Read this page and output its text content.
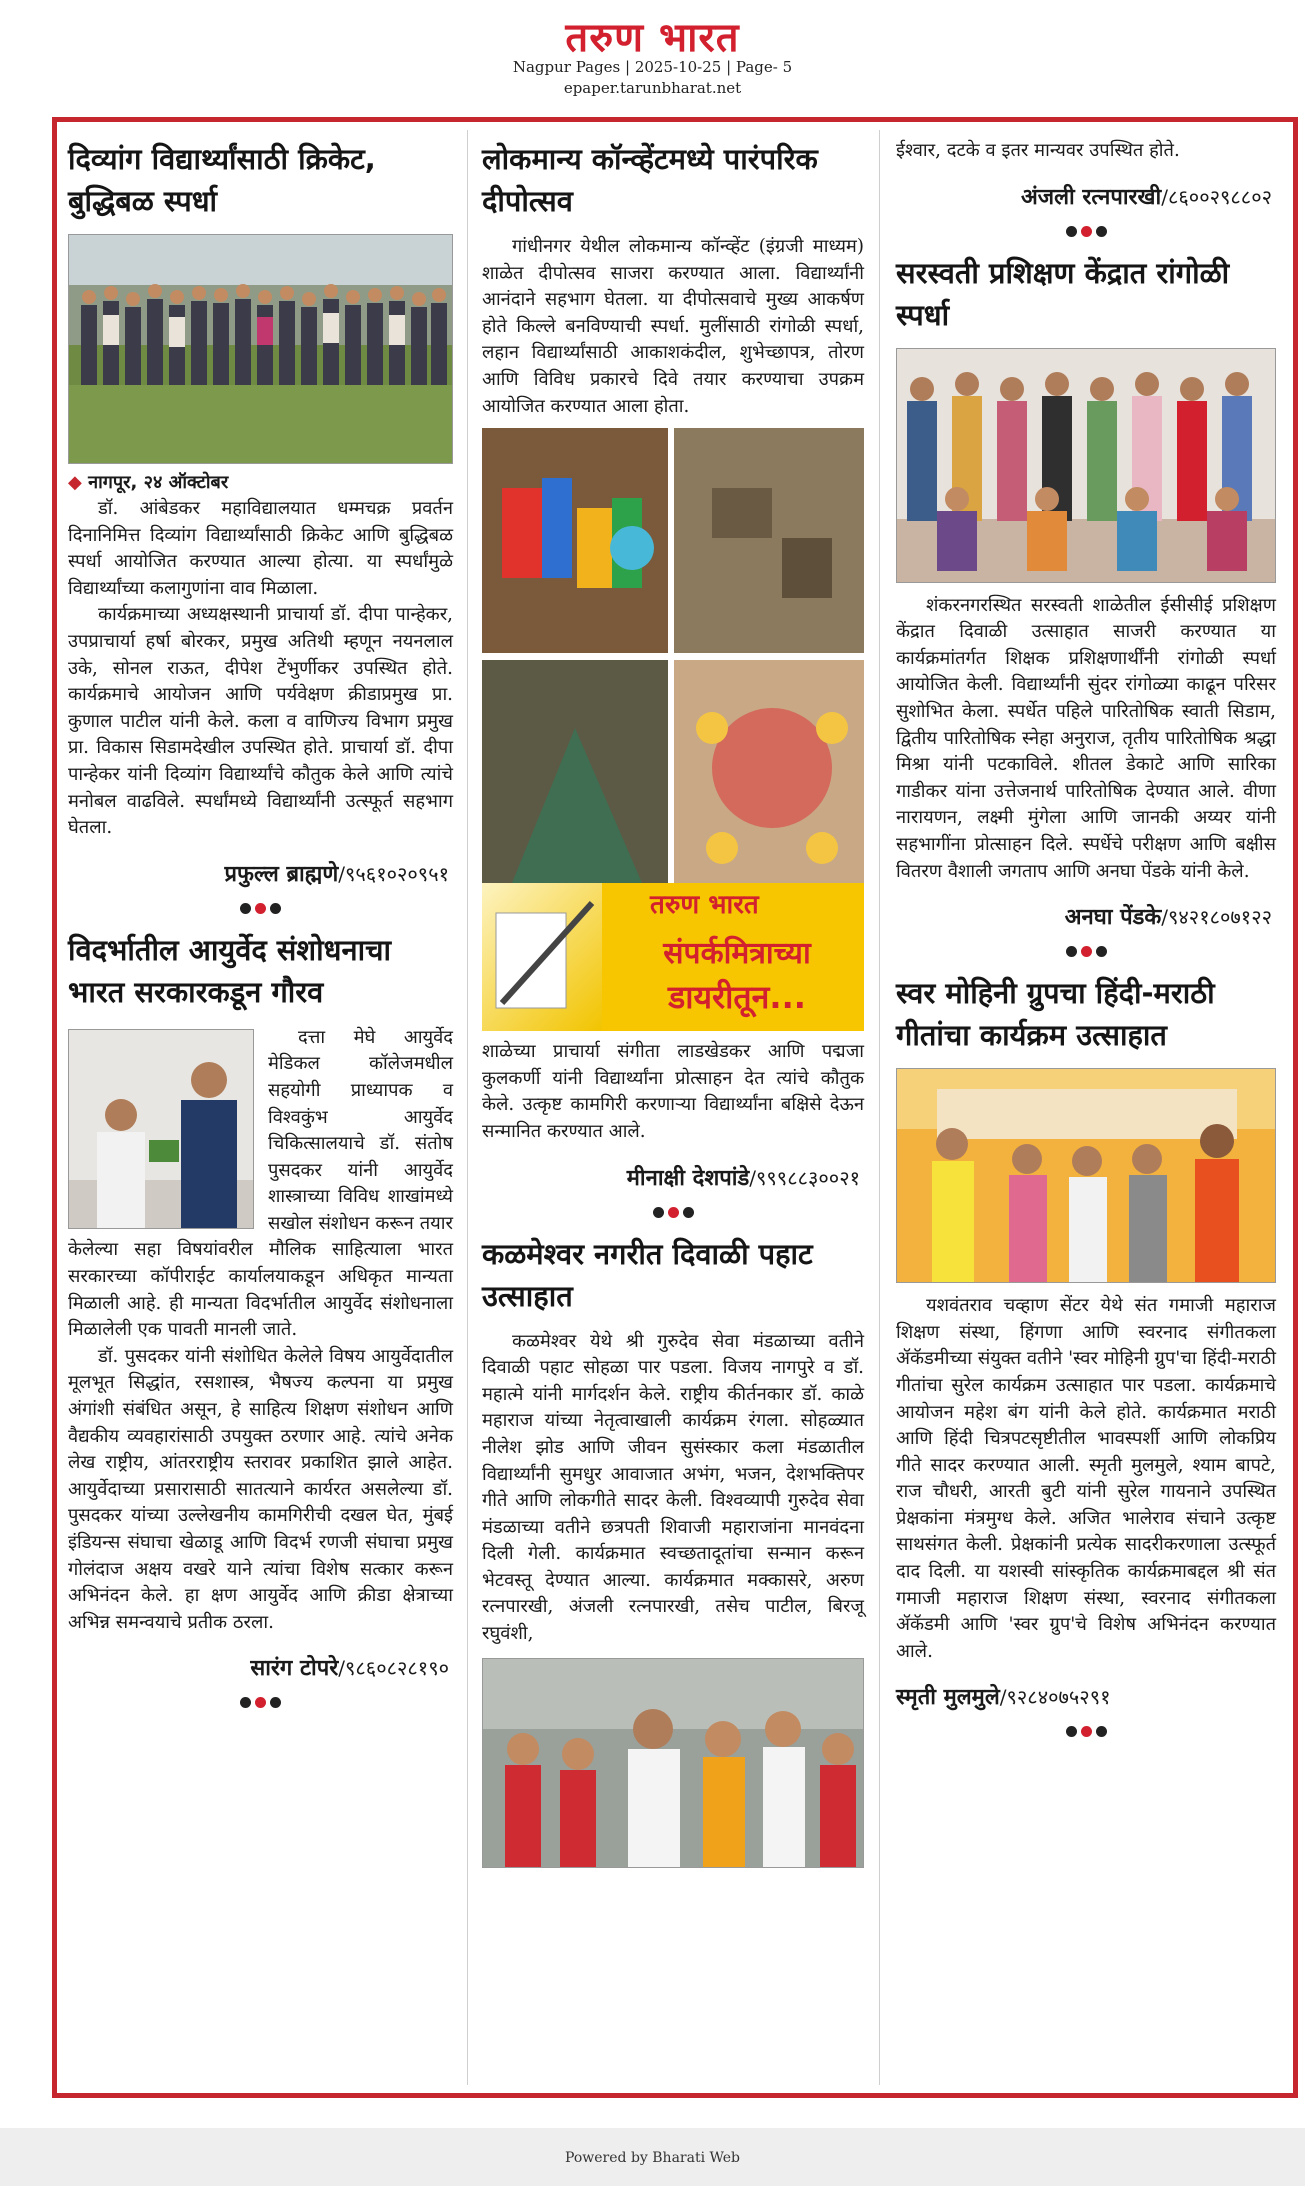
तरुण भारत
Nagpur Pages | 2025-10-25 | Page- 5
epaper.tarunbharat.net
दिव्यांग विद्यार्थ्यांसाठी क्रिकेट, बुद्धिबळ स्पर्धा
◆ नागपूर, २४ ऑक्टोबर

डॉ. आंबेडकर महाविद्यालयात धम्मचक्र प्रवर्तन दिनानिमित्त दिव्यांग विद्यार्थ्यांसाठी क्रिकेट आणि बुद्धिबळ स्पर्धा आयोजित करण्यात आल्या होत्या. या स्पर्धांमुळे विद्यार्थ्यांच्या कलागुणांना वाव मिळाला.

कार्यक्रमाच्या अध्यक्षस्थानी प्राचार्या डॉ. दीपा पान्हेकर, उपप्राचार्या हर्षा बोरकर, प्रमुख अतिथी म्हणून नयनलाल उके, सोनल राऊत, दीपेश टेंभुर्णीकर उपस्थित होते. कार्यक्रमाचे आयोजन आणि पर्यवेक्षण क्रीडाप्रमुख प्रा. कुणाल पाटील यांनी केले. कला व वाणिज्य विभाग प्रमुख प्रा. विकास सिडामदेखील उपस्थित होते. प्राचार्या डॉ. दीपा पान्हेकर यांनी दिव्यांग विद्यार्थ्यांचे कौतुक केले आणि त्यांचे मनोबल वाढविले. स्पर्धांमध्ये विद्यार्थ्यांनी उत्स्फूर्त सहभाग घेतला.

प्रफुल्ल ब्राह्मणे/९५६१०२०९५१
विदर्भातील आयुर्वेद संशोधनाचा भारत सरकारकडून गौरव

दत्ता मेघे आयुर्वेद मेडिकल कॉलेजमधील सहयोगी प्राध्यापक व विश्वकुंभ आयुर्वेद चिकित्सालयाचे डॉ. संतोष पुसदकर यांनी आयुर्वेद शास्त्राच्या विविध शाखांमध्ये सखोल संशोधन करून तयार केलेल्या सहा विषयांवरील मौलिक साहित्याला भारत सरकारच्या कॉपीराईट कार्यालयाकडून अधिकृत मान्यता मिळाली आहे. ही मान्यता विदर्भातील आयुर्वेद संशोधनाला मिळालेली एक पावती मानली जाते.

डॉ. पुसदकर यांनी संशोधित केलेले विषय आयुर्वेदातील मूलभूत सिद्धांत, रसशास्त्र, भैषज्य कल्पना या प्रमुख अंगांशी संबंधित असून, हे साहित्य शिक्षण संशोधन आणि वैद्यकीय व्यवहारांसाठी उपयुक्त ठरणार आहे. त्यांचे अनेक लेख राष्ट्रीय, आंतरराष्ट्रीय स्तरावर प्रकाशित झाले आहेत. आयुर्वेदाच्या प्रसारासाठी सातत्याने कार्यरत असलेल्या डॉ. पुसदकर यांच्या उल्लेखनीय कामगिरीची दखल घेत, मुंबई इंडियन्स संघाचा खेळाडू आणि विदर्भ रणजी संघाचा प्रमुख गोलंदाज अक्षय वखरे याने त्यांचा विशेष सत्कार करून अभिनंदन केले. हा क्षण आयुर्वेद आणि क्रीडा क्षेत्राच्या अभिन्न समन्वयाचे प्रतीक ठरला.

सारंग टोपरे/९८६०८२८१९०
लोकमान्य कॉन्व्हेंटमध्ये पारंपरिक दीपोत्सव

गांधीनगर येथील लोकमान्य कॉन्व्हेंट (इंग्रजी माध्यम) शाळेत दीपोत्सव साजरा करण्यात आला. विद्यार्थ्यांनी आनंदाने सहभाग घेतला. या दीपोत्सवाचे मुख्य आकर्षण होते किल्ले बनविण्याची स्पर्धा. मुलींसाठी रांगोळी स्पर्धा, लहान विद्यार्थ्यांसाठी आकाशकंदील, शुभेच्छापत्र, तोरण आणि विविध प्रकारचे दिवे तयार करण्याचा उपक्रम आयोजित करण्यात आला होता.

तरुण भारत
संपर्कमित्राच्या
डायरीतून...

शाळेच्या प्राचार्या संगीता लाडखेडकर आणि पद्मजा कुलकर्णी यांनी विद्यार्थ्यांना प्रोत्साहन देत त्यांचे कौतुक केले. उत्कृष्ट कामगिरी करणाऱ्या विद्यार्थ्यांना बक्षिसे देऊन सन्मानित करण्यात आले.

मीनाक्षी देशपांडे/९९९८८३००२१
कळमेश्वर नगरीत दिवाळी पहाट उत्साहात

कळमेश्वर येथे श्री गुरुदेव सेवा मंडळाच्या वतीने दिवाळी पहाट सोहळा पार पडला. विजय नागपुरे व डॉ. महात्मे यांनी मार्गदर्शन केले. राष्ट्रीय कीर्तनकार डॉ. काळे महाराज यांच्या नेतृत्वाखाली कार्यक्रम रंगला. सोहळ्यात नीलेश झोड आणि जीवन सुसंस्कार कला मंडळातील विद्यार्थ्यांनी सुमधुर आवाजात अभंग, भजन, देशभक्तिपर गीते आणि लोकगीते सादर केली. विश्वव्यापी गुरुदेव सेवा मंडळाच्या वतीने छत्रपती शिवाजी महाराजांना मानवंदना दिली गेली. कार्यक्रमात स्वच्छतादूतांचा सन्मान करून भेटवस्तू देण्यात आल्या. कार्यक्रमात मक्कासरे, अरुण रत्नपारखी, अंजली रत्नपारखी, तसेच पाटील, बिरजू रघुवंशी,

ईश्वार, दटके व इतर मान्यवर उपस्थित होते.

अंजली रत्नपारखी/८६००२९८८०२
सरस्वती प्रशिक्षण केंद्रात रांगोळी स्पर्धा

शंकरनगरस्थित सरस्वती शाळेतील ईसीसीई प्रशिक्षण केंद्रात दिवाळी उत्साहात साजरी करण्यात या कार्यक्रमांतर्गत शिक्षक प्रशिक्षणार्थींनी रांगोळी स्पर्धा आयोजित केली. विद्यार्थ्यांनी सुंदर रांगोळ्या काढून परिसर सुशोभित केला. स्पर्धेत पहिले पारितोषिक स्वाती सिडाम, द्वितीय पारितोषिक स्नेहा अनुराज, तृतीय पारितोषिक श्रद्धा मिश्रा यांनी पटकाविले. शीतल डेकाटे आणि सारिका गाडीकर यांना उत्तेजनार्थ पारितोषिक देण्यात आले. वीणा नारायणन, लक्ष्मी मुंगेला आणि जानकी अय्यर यांनी सहभागींना प्रोत्साहन दिले. स्पर्धेचे परीक्षण आणि बक्षीस वितरण वैशाली जगताप आणि अनघा पेंडके यांनी केले.

अनघा पेंडके/९४२१८०७१२२
स्वर मोहिनी ग्रुपचा हिंदी-मराठी गीतांचा कार्यक्रम उत्साहात

यशवंतराव चव्हाण सेंटर येथे संत गमाजी महाराज शिक्षण संस्था, हिंगणा आणि स्वरनाद संगीतकला ॲकॅडमीच्या संयुक्त वतीने 'स्वर मोहिनी ग्रुप'चा हिंदी-मराठी गीतांचा सुरेल कार्यक्रम उत्साहात पार पडला. कार्यक्रमाचे आयोजन महेश बंग यांनी केले होते. कार्यक्रमात मराठी आणि हिंदी चित्रपटसृष्टीतील भावस्पर्शी आणि लोकप्रिय गीते सादर करण्यात आली. स्मृती मुलमुले, श्याम बापटे, राज चौधरी, आरती बुटी यांनी सुरेल गायनाने उपस्थित प्रेक्षकांना मंत्रमुग्ध केले. अजित भालेराव संचाने उत्कृष्ट साथसंगत केली. प्रेक्षकांनी प्रत्येक सादरीकरणाला उत्स्फूर्त दाद दिली. या यशस्वी सांस्कृतिक कार्यक्रमाबद्दल श्री संत गमाजी महाराज शिक्षण संस्था, स्वरनाद संगीतकला ॲकॅडमी आणि 'स्वर ग्रुप'चे विशेष अभिनंदन करण्यात आले.

स्मृती मुलमुले/९२८४०७५२९१
Powered by Bharati Web
